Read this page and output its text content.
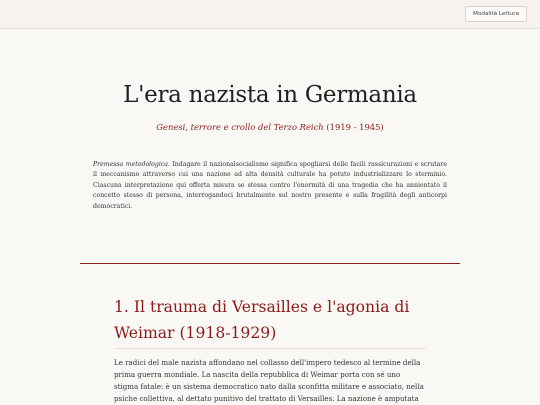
Modalità Lettura
L'era nazista in Germania
Genesi, terrore e crollo del Terzo Reich (1919 - 1945)

Premessa metodologica. Indagare il nazionalsocialismo significa spogliarsi delle facili rassicurazioni e scrutare il meccanismo attraverso cui una nazione ad alta densità culturale ha potuto industrializzare lo sterminio. Ciascuna interpretazione qui offerta misura se stessa contro l'enormità di una tragedia che ha annientato il concetto stesso di persona, interrogandoci brutalmente sul nostro presente e sulla fragilità degli anticorpi democratici.

1. Il trauma di Versailles e l'agonia di Weimar (1918-1929)

Le radici del male nazista affondano nel collasso dell'impero tedesco al termine della prima guerra mondiale. La nascita della repubblica di Weimar porta con sé uno stigma fatale: è un sistema democratico nato dalla sconfitta militare e associato, nella psiche collettiva, al dettato punitivo del trattato di Versailles. La nazione è amputata
